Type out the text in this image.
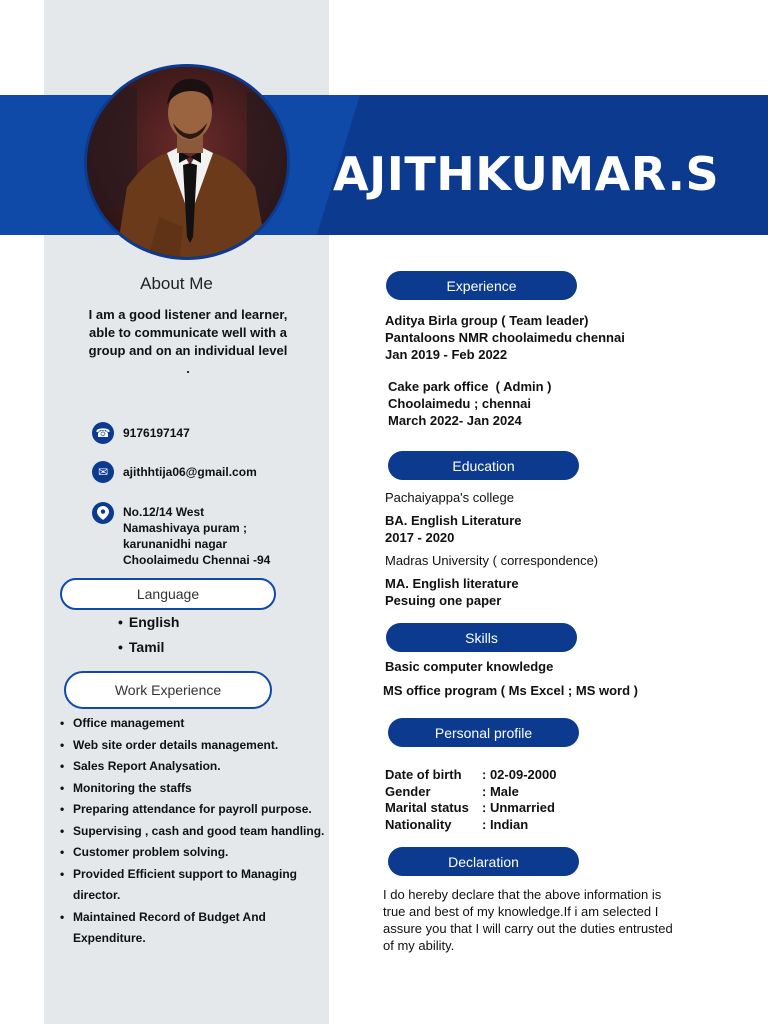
AJITHKUMAR.S
About Me
I am a good listener and learner, able to communicate well with a group and on an individual level .
☎ 9176197147
✉	ajithhtija06@gmail.com
No.12/14 West
Namashivaya puram ;
karunanidhi nagar
Choolaimedu Chennai -94
Language
• English
• Tamil
Work Experience
• Office management
• Web site order details management.
• Sales Report Analysation.
• Monitoring the staffs
• Preparing attendance for payroll purpose.
• Supervising , cash and good team handling.
• Customer problem solving.
• Provided Efficient support to Managing director.
• Maintained Record of Budget And Expenditure.
Experience
Aditya Birla group ( Team leader)
Pantaloons NMR choolaimedu chennai
Jan 2019 - Feb 2022
Cake park office  ( Admin )
Choolaimedu ; chennai
March 2022- Jan 2024
Education
Pachaiyappa's college
BA. English Literature
2017 - 2020
Madras University ( correspondence)
MA. English literature
Pesuing one paper
Skills
Basic computer knowledge
MS office program ( Ms Excel ; MS word )
Personal profile
Date of birth	: 02-09-2000
Gender	: Male
Marital status	: Unmarried
Nationality	: Indian
Declaration
I do hereby declare that the above information is true and best of my knowledge.If i am selected I assure you that I will carry out the duties entrusted of my ability.
